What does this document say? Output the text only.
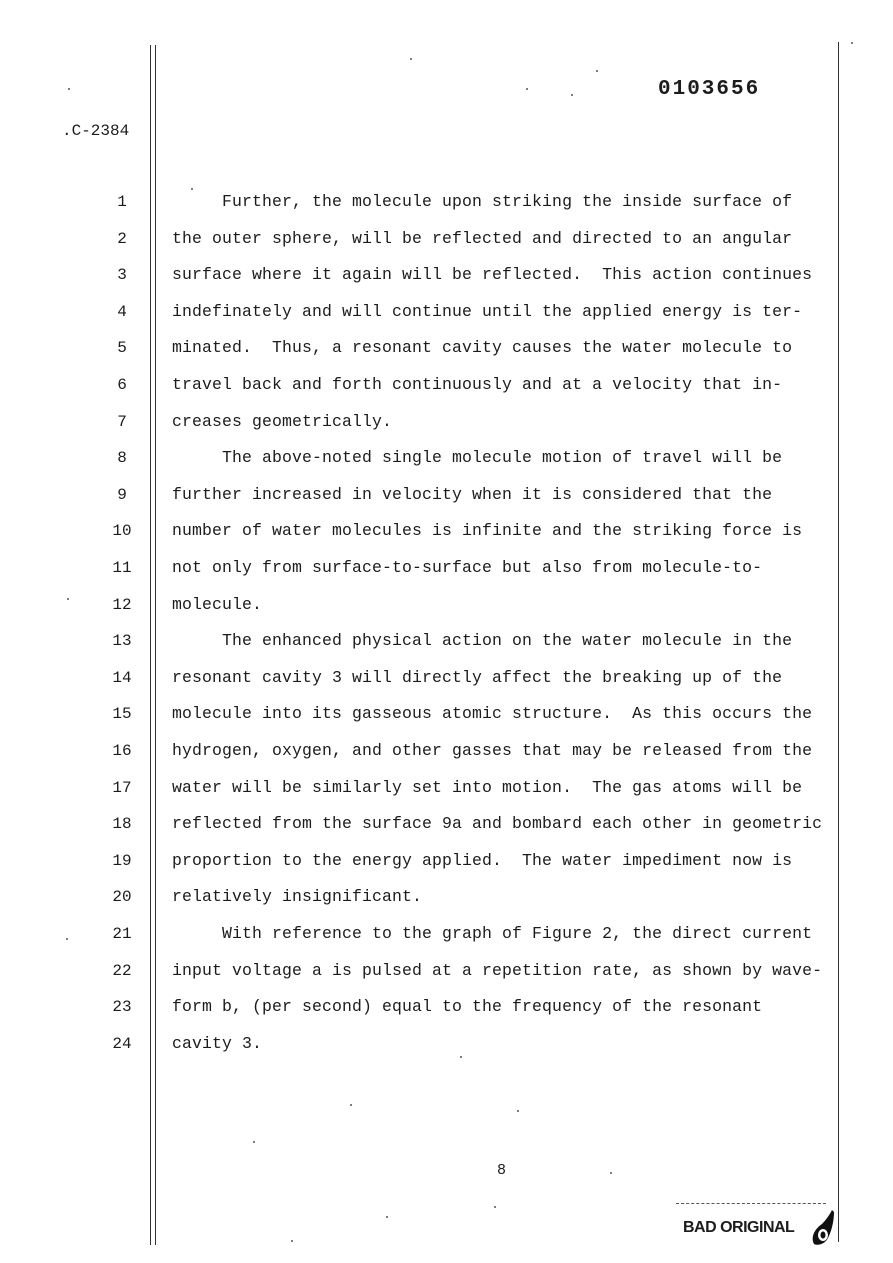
0103656
.C-2384
1	Further, the molecule upon striking the inside surface of
2	the outer sphere, will be reflected and directed to an angular
3	surface where it again will be reflected.  This action continues
4	indefinately and will continue until the applied energy is ter-
5	minated.  Thus, a resonant cavity causes the water molecule to
6	travel back and forth continuously and at a velocity that in-
7	creases geometrically.
8	The above-noted single molecule motion of travel will be
9	further increased in velocity when it is considered that the
10	number of water molecules is infinite and the striking force is
11	not only from surface-to-surface but also from molecule-to-
12	molecule.
13	The enhanced physical action on the water molecule in the
14	resonant cavity 3 will directly affect the breaking up of the
15	molecule into its gasseous atomic structure.  As this occurs the
16	hydrogen, oxygen, and other gasses that may be released from the
17	water will be similarly set into motion.  The gas atoms will be
18	reflected from the surface 9a and bombard each other in geometric
19	proportion to the energy applied.  The water impediment now is
20	relatively insignificant.
21	With reference to the graph of Figure 2, the direct current
22	input voltage a is pulsed at a repetition rate, as shown by wave-
23	form b, (per second) equal to the frequency of the resonant
24	cavity 3.
8
BAD ORIGINAL
